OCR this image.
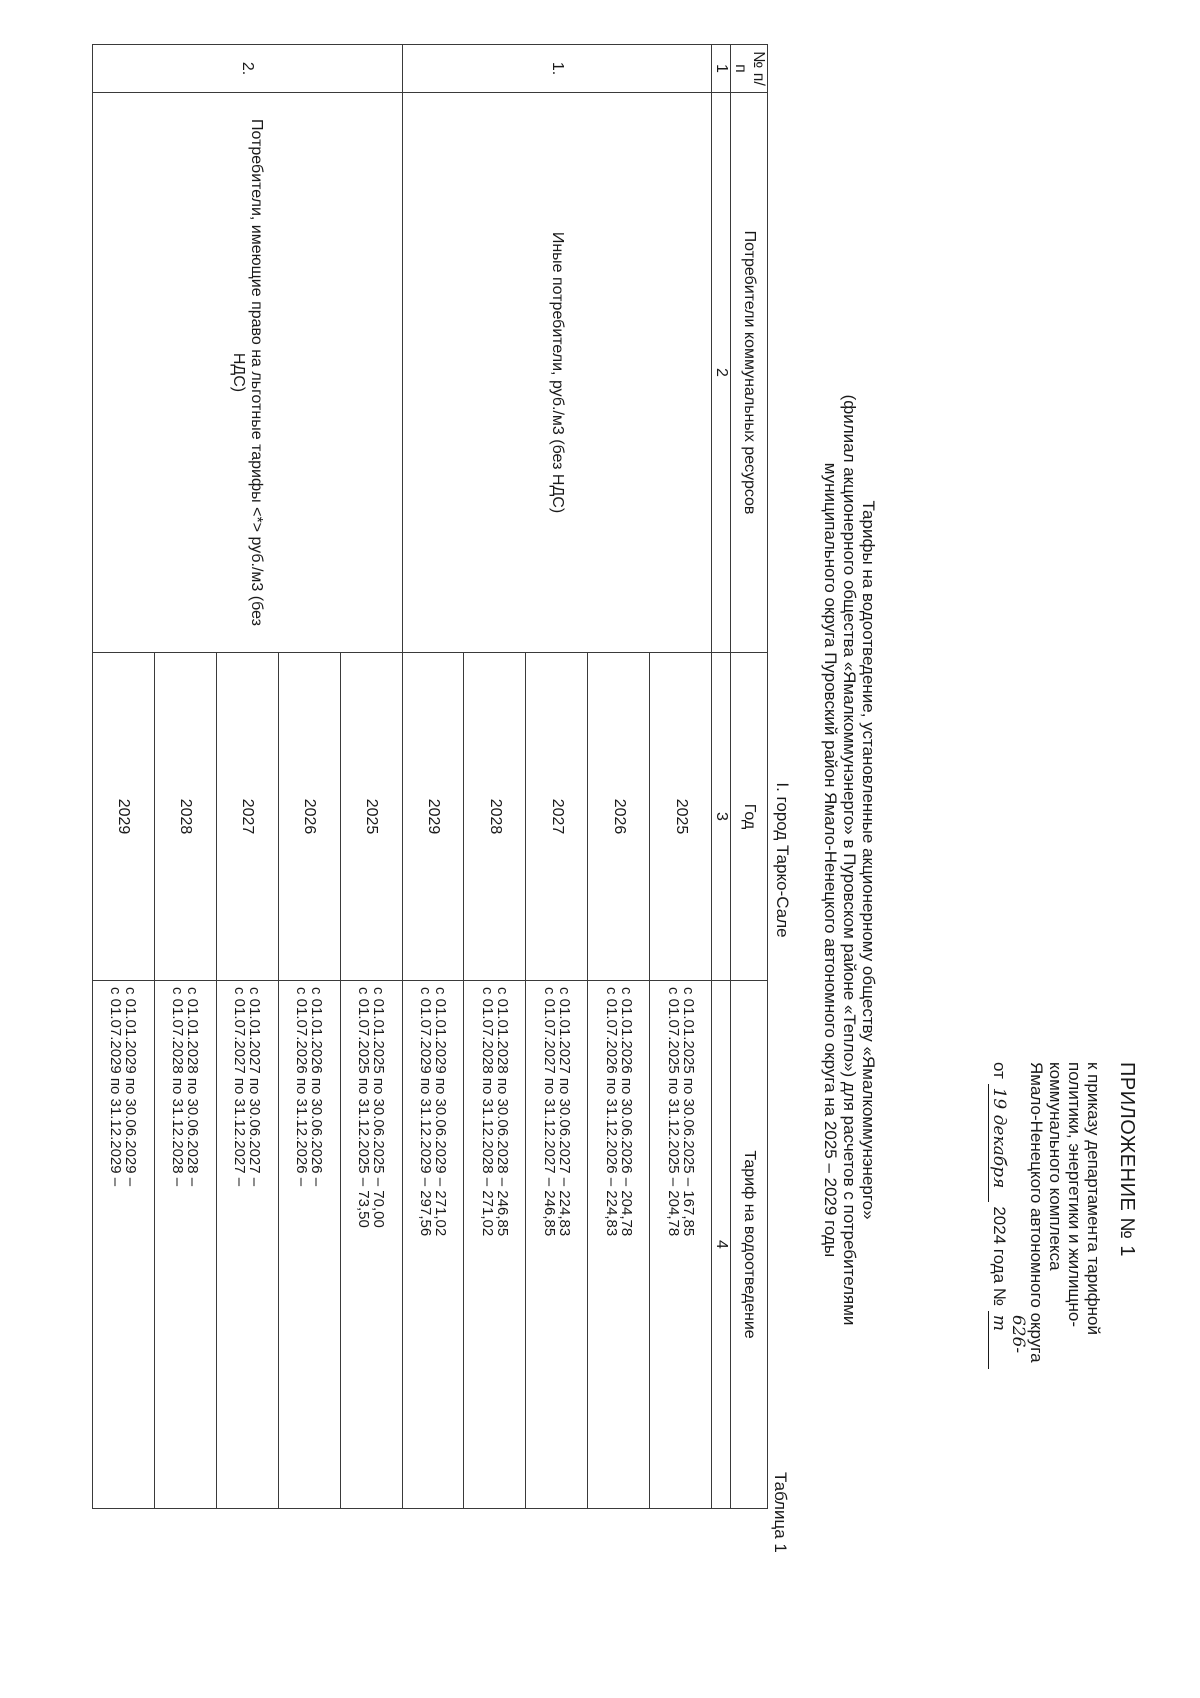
ПРИЛОЖЕНИЕ № 1
к приказу департамента тарифной
политики, энергетики и жилищно-
коммунального комплекса
Ямало-Ненецкого автономного округа
от 19 декабря 2024 года № 626-т
Тарифы на водоотведение, установленные акционерному обществу «Ямалкоммунэнерго»
(филиал акционерного общества «Ямалкоммунэнерго» в Пуровском районе «Тепло») для расчетов с потребителями
муниципального округа Пуровский район Ямало-Ненецкого автономного округа на 2025 – 2029 годы
I. город Тарко-Сале
Таблица 1
№ п/п	Потребители коммунальных ресурсов	Год	Тариф на водоотведение
1	2	3	4
1.	Иные потребители, руб./м3 (без НДС)	2025	с 01.01.2025 по 30.06.2025 – 167,85
с 01.07.2025 по 31.12.2025 – 204,78

		2026	с 01.01.2026 по 30.06.2026 – 204,78
с 01.07.2026 по 31.12.2026 – 224,83

		2027	с 01.01.2027 по 30.06.2027 – 224,83
с 01.07.2027 по 31.12.2027 – 246,85

		2028	с 01.01.2028 по 30.06.2028 – 246,85
с 01.07.2028 по 31.12.2028 – 271,02

		2029	с 01.01.2029 по 30.06.2029 – 271,02
с 01.07.2029 по 31.12.2029 – 297,56

2.	Потребители, имеющие право на льготные тарифы <*> руб./м3 (без НДС)	2025	с 01.01.2025 по 30.06.2025 – 70,00
с 01.07.2025 по 31.12.2025 – 73,50

		2026	с 01.01.2026 по 30.06.2026 –
с 01.07.2026 по 31.12.2026 –

		2027	с 01.01.2027 по 30.06.2027 –
с 01.07.2027 по 31.12.2027 –

		2028	с 01.01.2028 по 30.06.2028 –
с 01.07.2028 по 31.12.2028 –

		2029	с 01.01.2029 по 30.06.2029 –
с 01.07.2029 по 31.12.2029 –
